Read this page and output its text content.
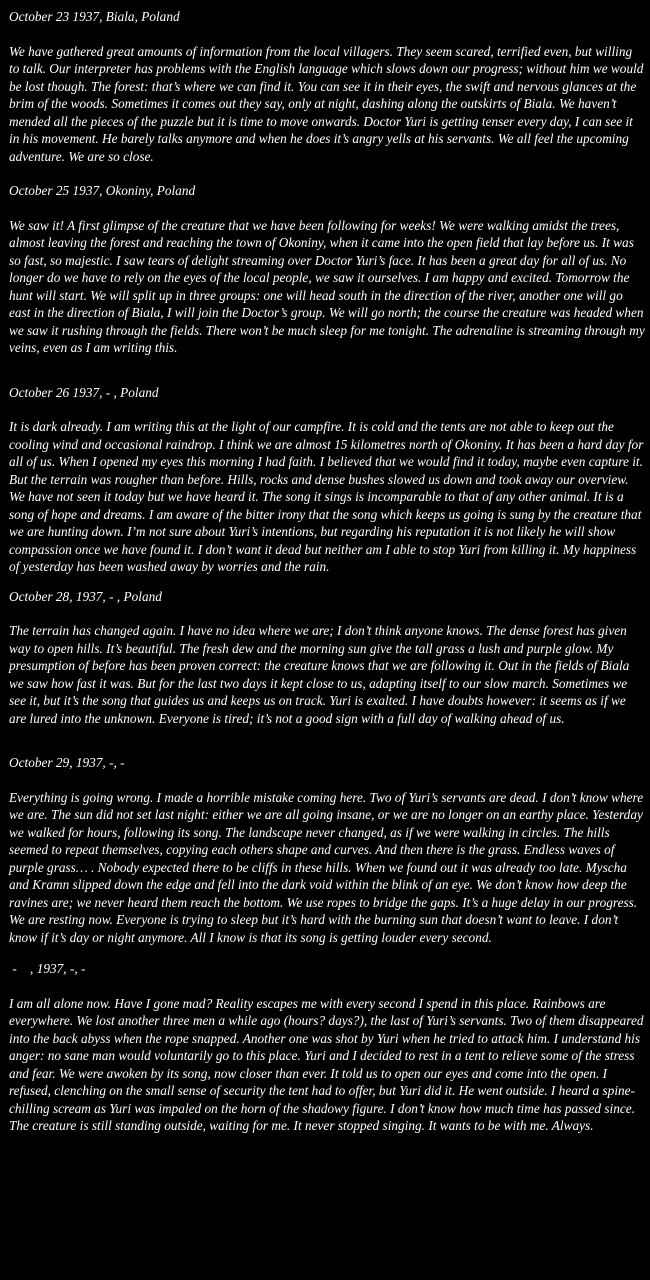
October 23 1937, Biala, Poland

We have gathered great amounts of information from the local villagers. They seem scared, terrified even, but willing to talk. Our interpreter has problems with the English language which slows down our progress; without him we would be lost though. The forest: that’s where we can find it. You can see it in their eyes, the swift and nervous glances at the brim of the woods. Sometimes it comes out they say, only at night, dashing along the outskirts of Biala. We haven’t mended all the pieces of the puzzle but it is time to move onwards. Doctor Yuri is getting tenser every day, I can see it in his movement. He barely talks anymore and when he does it’s angry yells at his servants. We all feel the upcoming adventure. We are so close.

October 25 1937, Okoniny, Poland

We saw it! A first glimpse of the creature that we have been following for weeks! We were walking amidst the trees, almost leaving the forest and reaching the town of Okoniny, when it came into the open field that lay before us. It was so fast, so majestic. I saw tears of delight streaming over Doctor Yuri’s face. It has been a great day for all of us. No longer do we have to rely on the eyes of the local people, we saw it ourselves. I am happy and excited. Tomorrow the hunt will start. We will split up in three groups: one will head south in the direction of the river, another one will go east in the direction of Biala, I will join the Doctor’s group. We will go north; the course the creature was headed when we saw it rushing through the fields. There won’t be much sleep for me tonight. The adrenaline is streaming through my veins, even as I am writing this.

October 26 1937, - , Poland

It is dark already. I am writing this at the light of our campfire. It is cold and the tents are not able to keep out the cooling wind and occasional raindrop. I think we are almost 15 kilometres north of Okoniny. It has been a hard day for all of us. When I opened my eyes this morning I had faith. I believed that we would find it today, maybe even capture it. But the terrain was rougher than before. Hills, rocks and dense bushes slowed us down and took away our overview. We have not seen it today but we have heard it. The song it sings is incomparable to that of any other animal. It is a song of hope and dreams. I am aware of the bitter irony that the song which keeps us going is sung by the creature that we are hunting down. I’m not sure about Yuri’s intentions, but regarding his reputation it is not likely he will show compassion once we have found it. I don’t want it dead but neither am I able to stop Yuri from killing it. My happiness of yesterday has been washed away by worries and the rain.

October 28, 1937, - , Poland

The terrain has changed again. I have no idea where we are; I don’t think anyone knows. The dense forest has given way to open hills. It’s beautiful. The fresh dew and the morning sun give the tall grass a lush and purple glow. My presumption of before has been proven correct: the creature knows that we are following it. Out in the fields of Biala we saw how fast it was. But for the last two days it kept close to us, adapting itself to our slow march. Sometimes we see it, but it’s the song that guides us and keeps us on track. Yuri is exalted. I have doubts however: it seems as if we are lured into the unknown. Everyone is tired; it’s not a good sign with a full day of walking ahead of us.

October 29, 1937, -, -

Everything is going wrong. I made a horrible mistake coming here. Two of Yuri’s servants are dead. I don’t know where we are. The sun did not set last night: either we are all going insane, or we are no longer on an earthy place. Yesterday we walked for hours, following its song. The landscape never changed, as if we were walking in circles. The hills seemed to repeat themselves, copying each others shape and curves. And then there is the grass. Endless waves of purple grass… . Nobody expected there to be cliffs in these hills. When we found out it was already too late. Myscha and Kramn slipped down the edge and fell into the dark void within the blink of an eye. We don’t know how deep the ravines are; we never heard them reach the bottom. We use ropes to bridge the gaps. It’s a huge delay in our progress. We are resting now. Everyone is trying to sleep but it’s hard with the burning sun that doesn’t want to leave. I don’t know if it’s day or night anymore. All I know is that its song is getting louder every second.

-    , 1937, -, -

I am all alone now. Have I gone mad? Reality escapes me with every second I spend in this place. Rainbows are everywhere. We lost another three men a while ago (hours? days?), the last of Yuri’s servants. Two of them disappeared into the back abyss when the rope snapped. Another one was shot by Yuri when he tried to attack him. I understand his anger: no sane man would voluntarily go to this place. Yuri and I decided to rest in a tent to relieve some of the stress and fear. We were awoken by its song, now closer than ever. It told us to open our eyes and come into the open. I refused, clenching on the small sense of security the tent had to offer, but Yuri did it. He went outside. I heard a spine-chilling scream as Yuri was impaled on the horn of the shadowy figure. I don’t know how much time has passed since. The creature is still standing outside, waiting for me. It never stopped singing. It wants to be with me. Always.
